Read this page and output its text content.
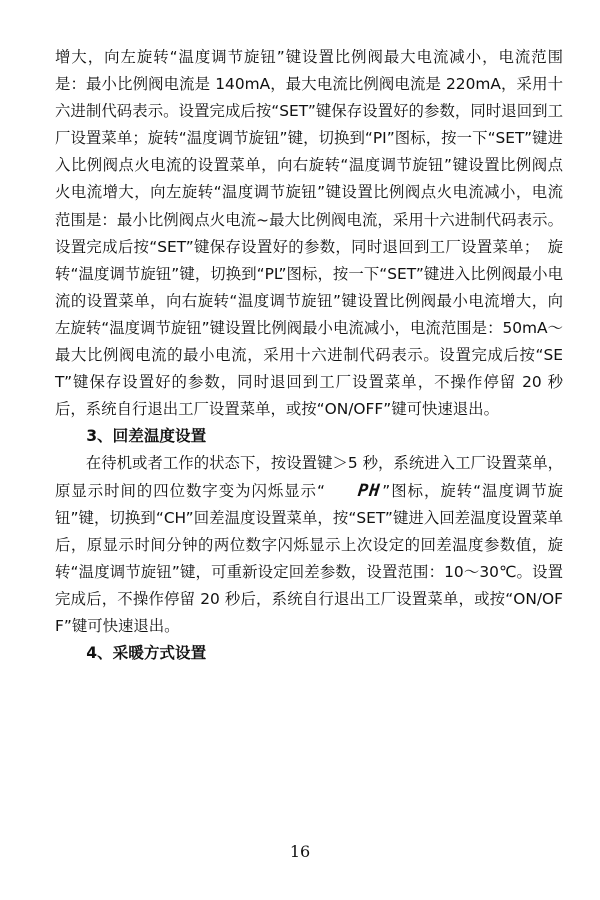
增大，向左旋转“温度调节旋钮”键设置比例阀最大电流减小，电流范围是：最小比例阀电流是 140mA，最大电流比例阀电流是 220mA，采用十六进制代码表示。设置完成后按“SET”键保存设置好的参数，同时退回到工厂设置菜单；旋转“温度调节旋钮”键，切换到“PI”图标，按一下“SET”键进入比例阀点火电流的设置菜单，向右旋转“温度调节旋钮”键设置比例阀点火电流增大，向左旋转“温度调节旋钮”键设置比例阀点火电流减小，电流范围是：最小比例阀点火电流~最大比例阀电流，采用十六进制代码表示。设置完成后按“SET”键保存设置好的参数，同时退回到工厂设置菜单；　旋转“温度调节旋钮”键，切换到“PL”图标，按一下“SET”键进入比例阀最小电流的设置菜单，向右旋转“温度调节旋钮”键设置比例阀最小电流增大，向左旋转“温度调节旋钮”键设置比例阀最小电流减小，电流范围是：50mA～最大比例阀电流的最小电流，采用十六进制代码表示。设置完成后按“SET”键保存设置好的参数，同时退回到工厂设置菜单，不操作停留 20 秒后，系统自行退出工厂设置菜单，或按“ON/OFF”键可快速退出。

3、回差温度设置

在待机或者工作的状态下，按设置键＞5 秒，系统进入工厂设置菜单，原显示时间的四位数字变为闪烁显示“ PH”图标，旋转“温度调节旋钮”键，切换到“CH”回差温度设置菜单，按“SET”键进入回差温度设置菜单后，原显示时间分钟的两位数字闪烁显示上次设定的回差温度参数值，旋转“温度调节旋钮”键，可重新设定回差参数，设置范围：10～30℃。设置完成后，不操作停留 20 秒后，系统自行退出工厂设置菜单，或按“ON/OFF”键可快速退出。

4、采暖方式设置
16
